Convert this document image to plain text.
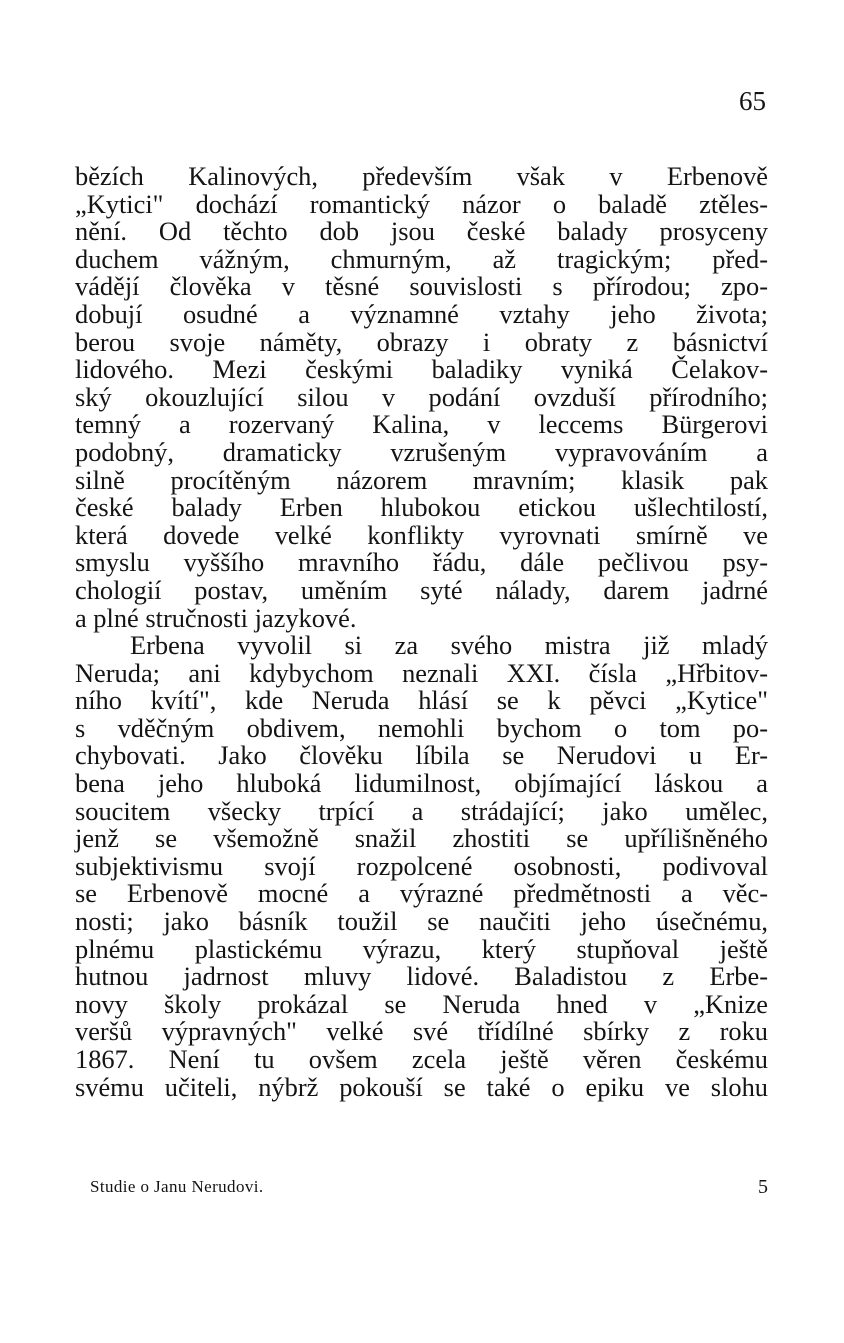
65
bězích Kalinových, především však v Erbenově
„Kytici" dochází romantický názor o baladě ztěles-
nění. Od těchto dob jsou české balady prosyceny
duchem vážným, chmurným, až tragickým; před-
vádějí člověka v těsné souvislosti s přírodou; zpo-
dobují osudné a významné vztahy jeho života;
berou svoje náměty, obrazy i obraty z básnictví
lidového. Mezi českými baladiky vyniká Čelakov-
ský okouzlující silou v podání ovzduší přírodního;
temný a rozervaný Kalina, v leccems Bürgerovi
podobný, dramaticky vzrušeným vypravováním a
silně procítěným názorem mravním; klasik pak
české balady Erben hlubokou etickou ušlechtilostí,
která dovede velké konflikty vyrovnati smírně ve
smyslu vyššího mravního řádu, dále pečlivou psy-
chologií postav, uměním syté nálady, darem jadrné
a plné stručnosti jazykové.
Erbena vyvolil si za svého mistra již mladý
Neruda; ani kdybychom neznali XXI. čísla „Hřbitov-
ního kvítí", kde Neruda hlásí se k pěvci „Kytice"
s vděčným obdivem, nemohli bychom o tom po-
chybovati. Jako člověku líbila se Nerudovi u Er-
bena jeho hluboká lidumilnost, objímající láskou a
soucitem všecky trpící a strádající; jako umělec,
jenž se všemožně snažil zhostiti se upřílišněného
subjektivismu svojí rozpolcené osobnosti, podivoval
se Erbenově mocné a výrazné předmětnosti a věc-
nosti; jako básník toužil se naučiti jeho úsečnému,
plnému plastickému výrazu, který stupňoval ještě
hutnou jadrnost mluvy lidové. Baladistou z Erbe-
novy školy prokázal se Neruda hned v „Knize
veršů výpravných" velké své třídílné sbírky z roku
1867. Není tu ovšem zcela ještě věren českému
svému učiteli, nýbrž pokouší se také o epiku ve slohu
Studie o Janu Nerudovi.	5
